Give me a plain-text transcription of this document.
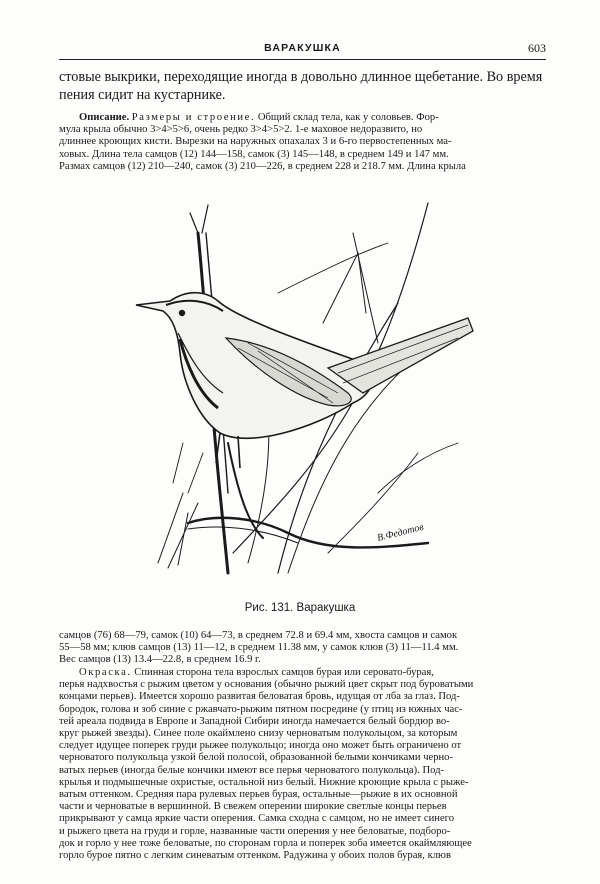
ВАРАКУШКА	603
стовые выкрики, переходящие иногда в довольно длинное щебетание. Во время
пения сидит на кустарнике.
Описание. Размеры и строение. Общий склад тела, как у соловьев. Фор-
мула крыла обычно 3>4>5>6, очень редко 3>4>5>2. 1-е маховое недоразвито, но
длиннее кроющих кисти. Вырезки на наружных опахалах 3 и 6-го первостепенных ма-
ховых. Длина тела самцов (12) 144—158, самок (3) 145—148, в среднем 149 и 147 мм.
Размах самцов (12) 210—240, самок (3) 210—226, в среднем 228 и 218.7 мм. Длина крыла
В.Федотов
Рис. 131. Варакушка
самцов (76) 68—79, самок (10) 64—73, в среднем 72.8 и 69.4 мм, хвоста самцов и самок
55—58 мм; клюв самцов (13) 11—12, в среднем 11.38 мм, у самок клюв (3) 11—11.4 мм.
Вес самцов (13) 13.4—22.8, в среднем 16.9 г.
Окраска. Спинная сторона тела взрослых самцов бурая или серовато-бурая,
перья надхвостья с рыжим цветом у основания (обычно рыжий цвет скрыт под буроватыми
концами перьев). Имеется хорошо развитая беловатая бровь, идущая от лба за глаз. Под-
бородок, голова и зоб синие с ржавчато-рыжим пятном посредине (у птиц из южных час-
тей ареала подвида в Европе и Западной Сибири иногда намечается белый бордюр во-
круг рыжей звезды). Синее поле окаймлено снизу черноватым полукольцом, за которым
следует идущее поперек груди рыжее полукольцо; иногда оно может быть ограничено от
черноватого полукольца узкой белой полосой, образованной белыми кончиками черно-
ватых перьев (иногда белые кончики имеют все перья черноватого полукольца). Под-
крылья и подмышечные охристые, остальной низ белый. Нижние кроющие крыла с рыже-
ватым оттенком. Средняя пара рулевых перьев бурая, остальные—рыжие в их основной
части и черноватые в вершинной. В свежем оперении широкие светлые концы перьев
прикрывают у самца яркие части оперения. Самка сходна с самцом, но не имеет синего
и рыжего цвета на груди и горле, названные части оперения у нее беловатые, подборо-
док и горло у нее тоже беловатые, по сторонам горла и поперек зоба имеется окаймляющее
горло бурое пятно с легким синеватым оттенком. Радужина у обоих полов бурая, клюв
